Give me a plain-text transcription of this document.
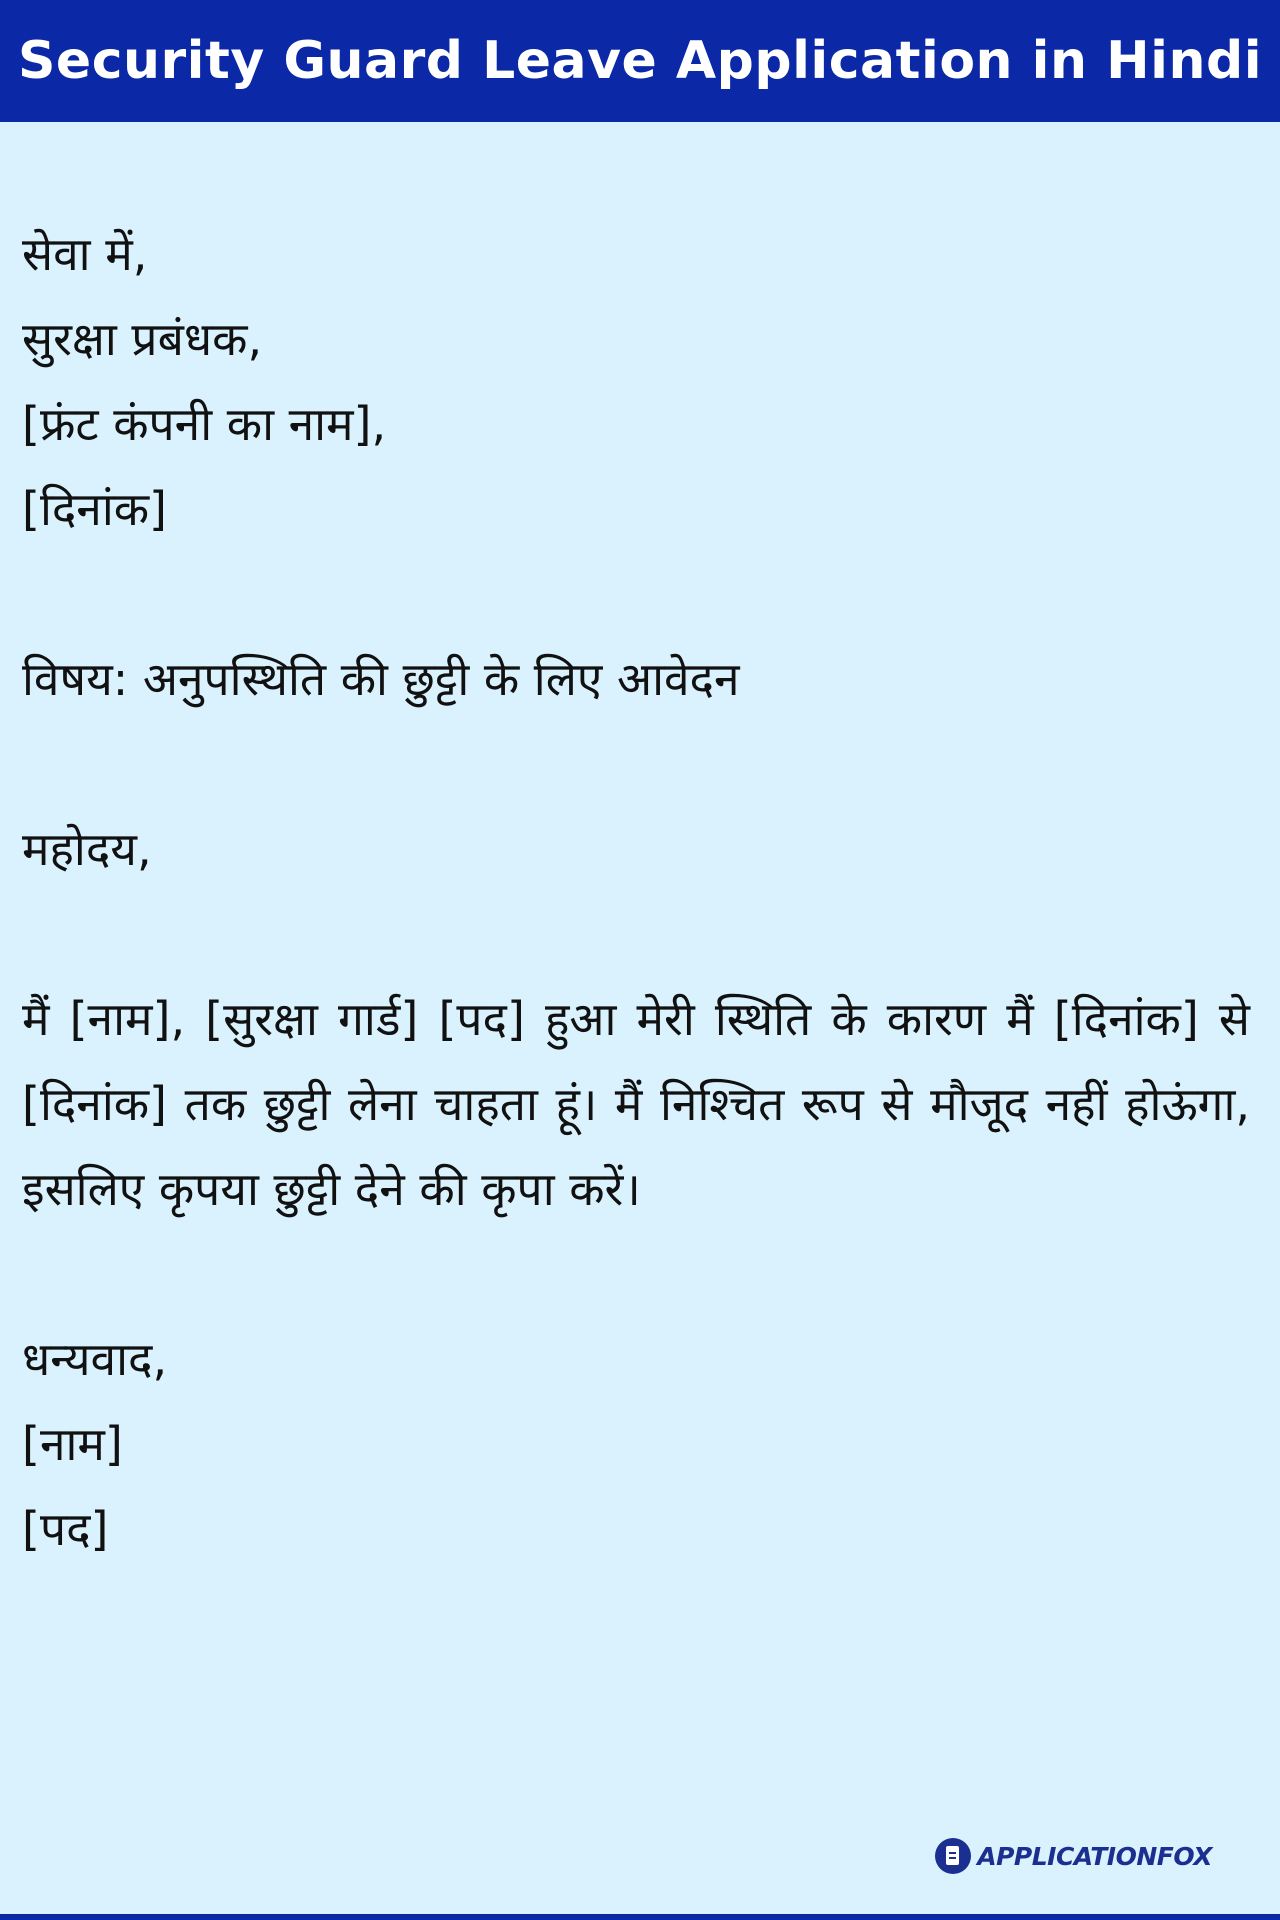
Security Guard Leave Application in Hindi
सेवा में,
सुरक्षा प्रबंधक,
[फ्रंट कंपनी का नाम],
[दिनांक]
विषय: अनुपस्थिति की छुट्टी के लिए आवेदन
महोदय,
मैं [नाम], [सुरक्षा गार्ड] [पद] हुआ मेरी स्थिति के कारण मैं [दिनांक] से [दिनांक] तक छुट्टी लेना चाहता हूं। मैं निश्चित रूप से मौजूद नहीं होऊंगा, इसलिए कृपया छुट्टी देने की कृपा करें।
धन्यवाद,
[नाम]
[पद]
APPLICATIONFOX
